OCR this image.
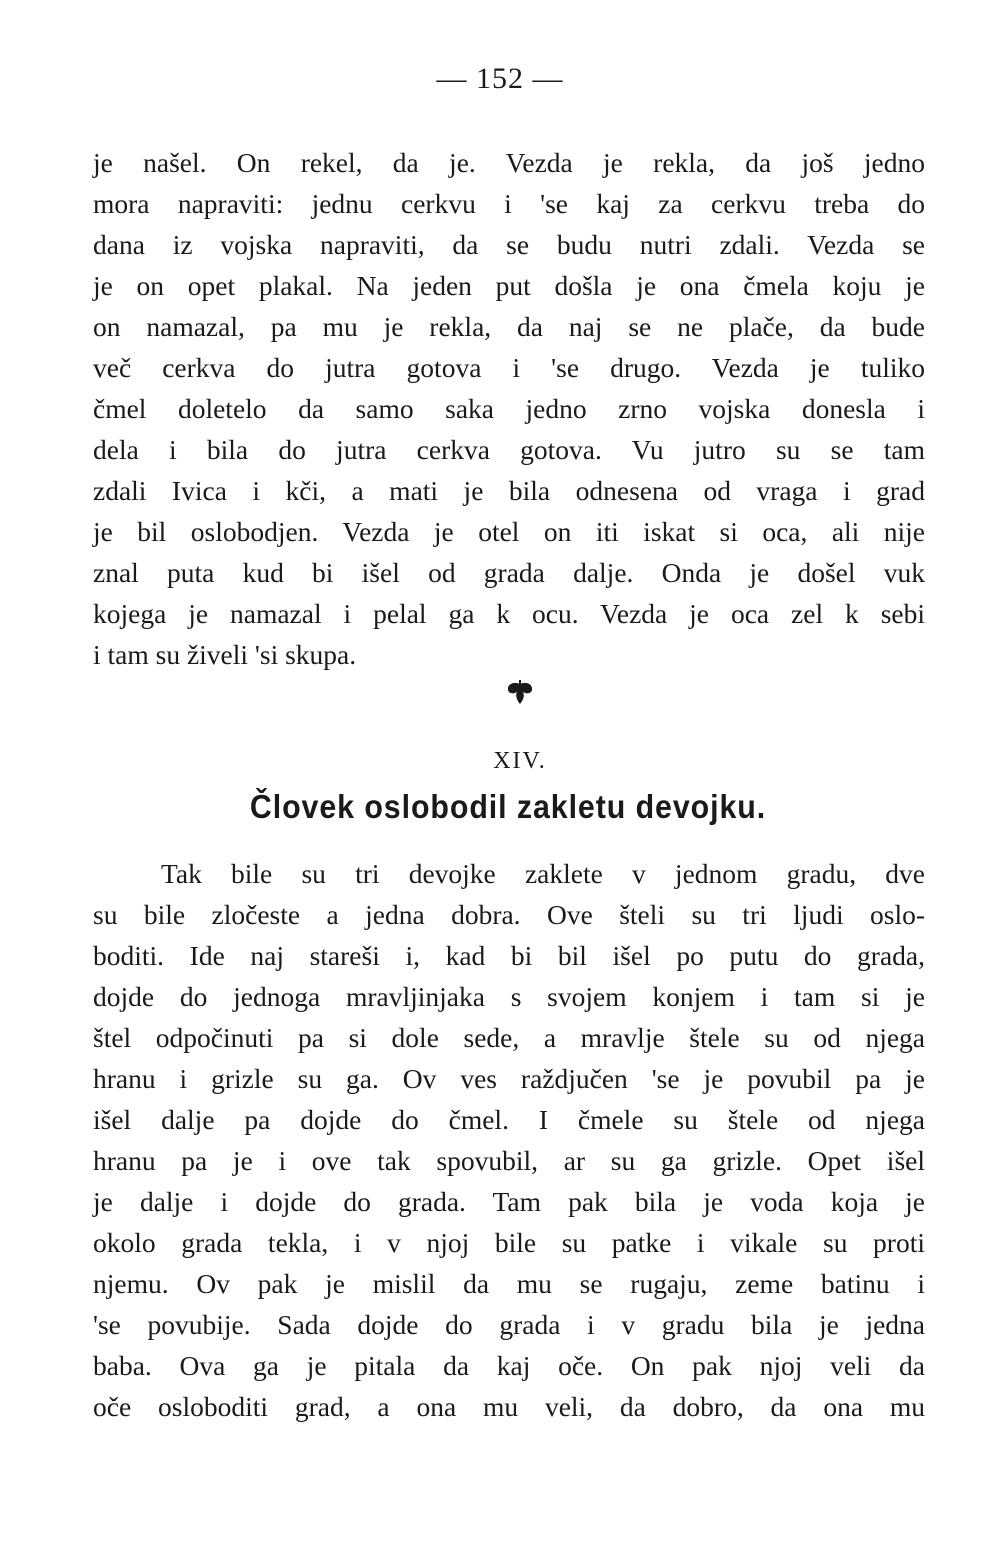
— 152 —
je našel. On rekel, da je. Vezda je rekla, da još jedno
mora napraviti: jednu cerkvu i 'se kaj za cerkvu treba do
dana iz vojska napraviti, da se budu nutri zdali. Vezda se
je on opet plakal. Na jeden put došla je ona čmela koju je
on namazal, pa mu je rekla, da naj se ne plače, da bude
več cerkva do jutra gotova i 'se drugo. Vezda je tuliko
čmel doletelo da samo saka jedno zrno vojska donesla i
dela i bila do jutra cerkva gotova. Vu jutro su se tam
zdali Ivica i kči, a mati je bila odnesena od vraga i grad
je bil oslobodjen. Vezda je otel on iti iskat si oca, ali nije
znal puta kud bi išel od grada dalje. Onda je došel vuk
kojega je namazal i pelal ga k ocu. Vezda je oca zel k sebi
i tam su živeli 'si skupa.
XIV.
Človek oslobodil zakletu devojku.
Tak bile su tri devojke zaklete v jednom gradu, dve
su bile zločeste a jedna dobra. Ove šteli su tri ljudi oslo-
boditi. Ide naj stareši i, kad bi bil išel po putu do grada,
dojde do jednoga mravljinjaka s svojem konjem i tam si je
štel odpočinuti pa si dole sede, a mravlje štele su od njega
hranu i grizle su ga. Ov ves raždjučen 'se je povubil pa je
išel dalje pa dojde do čmel. I čmele su štele od njega
hranu pa je i ove tak spovubil, ar su ga grizle. Opet išel
je dalje i dojde do grada. Tam pak bila je voda koja je
okolo grada tekla, i v njoj bile su patke i vikale su proti
njemu. Ov pak je mislil da mu se rugaju, zeme batinu i
'se povubije. Sada dojde do grada i v gradu bila je jedna
baba. Ova ga je pitala da kaj oče. On pak njoj veli da
oče osloboditi grad, a ona mu veli, da dobro, da ona mu
